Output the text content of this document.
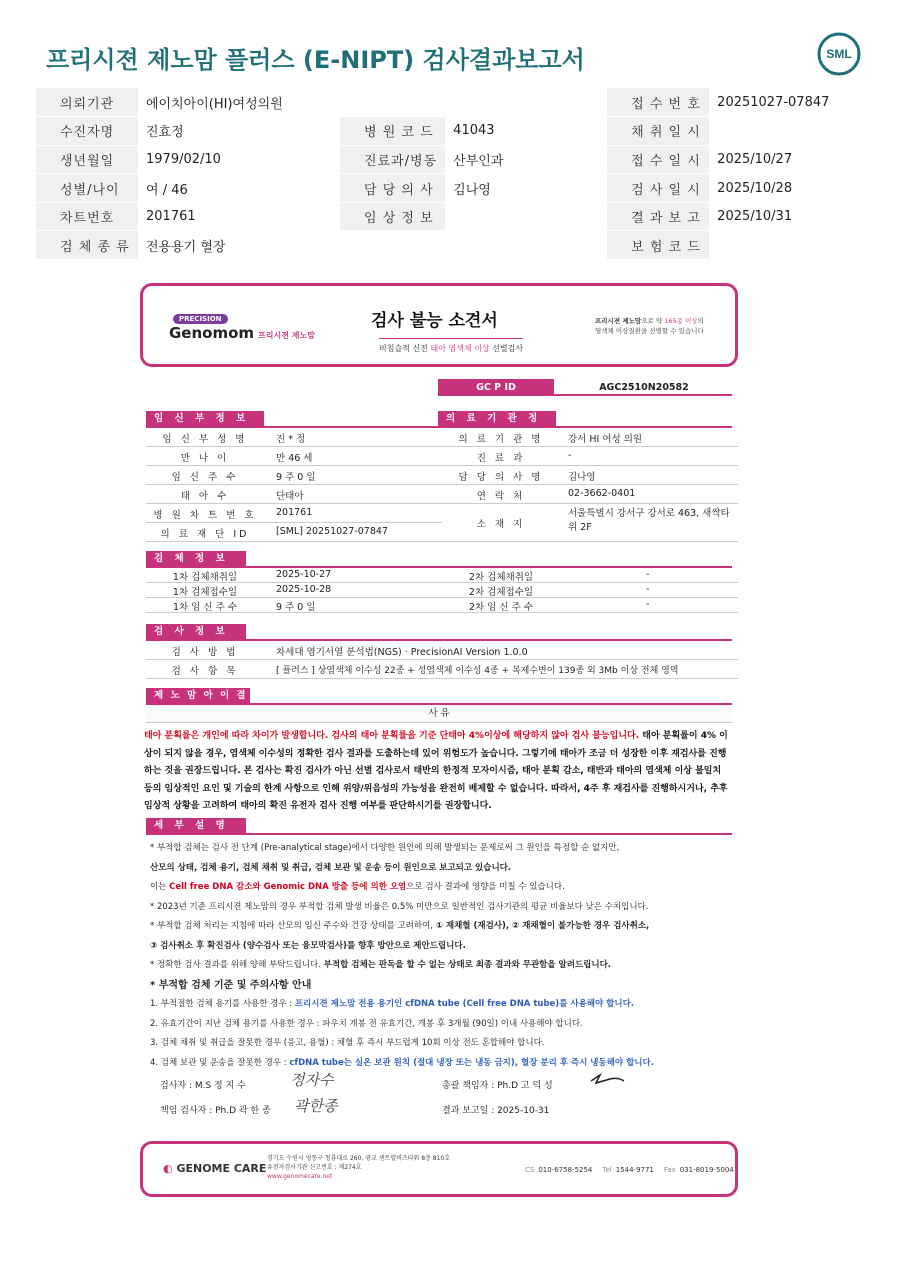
프리시젼 제노맘 플러스 (E-NIPT) 검사결과보고서	SML
의뢰기관	에이치아이(HI)여성의원			접 수 번 호	20251027-07847
수진자명	진효정	병 원 코 드	41043	채 취 일 시	
생년월일	1979/02/10	진료과/병동	산부인과	접 수 일 시	2025/10/27
성별/나이	여 / 46	담 당 의 사	김나영	검 사 일 시	2025/10/28
차트번호	201761	임 상 정 보		결 과 보 고	2025/10/31
검 체 종 류	전용용기 혈장			보 험 코 드	
PRECISION
Genomom 프리시젼 제노맘
검사 불능 소견서
비침습적 신전 태아 염색체 이상 선별검사
프리시젼 제노맘으로 약 165종 이상의
염색체 이상질환을 선별할 수 있습니다
GC P ID	AGC2510N20582
임 신 부 정 보	의 료 기 관 정 보
임 신 부 성 명	진 * 정	의 료 기 관 명	강서 HI 여성 의원
만 나 이	만 46 세	진 료 과	-
임 신 주 수	9 주 0 일	담 당 의 사 명	김나영
태 아 수	단태아	연 락 처	02-3662-0401
병 원 차 트 번 호	201761
의 료 재 단 ID	[SML] 20251027-07847
소 재 지
서울특별시 강서구 강서로 463, 새싹타위 2F
검 체 정 보
1차 검체채취일	2025-10-27	2차 검체채취일	-
1차 검체접수일	2025-10-28	2차 검체접수일	-
1차 임 신 주 수	9 주 0 일	2차 임 신 주 수	-
검 사 정 보
검 사 방 법	차세대 염기서열 분석법(NGS) · PrecisionAI Version 1.0.0
검 사 항 목	[ 플러스 ] 상염색체 이수성 22종 + 성염색체 이수성 4종 + 복제수변이 139종 외 3Mb 이상 전체 영역
제 노 맘 아 이 결
사 유
태아 분획률은 개인에 따라 차이가 발생합니다. 검사의 태아 분획률을 기준 단태아 4%이상에 해당하지 않아 검사 불능입니다. 태아 분획률이 4% 이상이 되지 않을 경우, 염색체 이수성의 정확한 검사 결과를 도출하는데 있어 위험도가 높습니다. 그렇기에 태아가 조금 더 성장한 이후 재검사를 진행하는 것을 권장드립니다. 본 검사는 확진 검사가 아닌 선별 검사로서 태반의 한정적 모자이시즘, 태아 분획 감소, 태반과 태아의 염색체 이상 불일치 등의 임상적인 요인 및 기술의 한계 사항으로 인해 위양/위음성의 가능성을 완전히 배제할 수 없습니다. 따라서, 4주 후 재검사를 진행하시거나, 추후 임상적 상황을 고려하여 태아의 확진 유전자 검사 진행 여부를 판단하시기를 권장합니다.
세 부 설 명
* 부적합 검체는 검사 전 단계 (Pre-analytical stage)에서 다양한 원인에 의해 발생되는 문제로써 그 원인을 특정할 순 없지만,
산모의 상태, 검체 용기, 검체 채취 및 취급, 검체 보관 및 운송 등이 원인으로 보고되고 있습니다.
이는 Cell free DNA 감소와 Genomic DNA 방출 등에 의한 오염으로 검사 결과에 영향을 미칠 수 있습니다.
* 2023년 기준 프리시젼 제노맘의 경우 부적합 검체 발생 비율은 0.5% 미만으로 일반적인 검사기관의 평균 비율보다 낮은 수치입니다.
* 부적합 검체 처리는 지침에 따라 산모의 임신 주수와 건강 상태를 고려하여, ① 재채혈 (재검사), ② 재채혈이 불가능한 경우 검사취소,
③ 검사취소 후 확진검사 (양수검사 또는 융모막검사)를 향후 방안으로 제안드립니다.
* 정확한 검사 결과를 위해 양해 부탁드립니다. 부적합 검체는 판독을 할 수 없는 상태로 최종 결과와 무관함을 알려드립니다.
* 부적합 검체 기준 및 주의사항 안내
1. 부적절한 검체 용기를 사용한 경우 : 프리시젼 제노맘 전용 용기인 cfDNA tube (Cell free DNA tube)를 사용해야 합니다.
2. 유효기간이 지난 검체 용기를 사용한 경우 : 파우치 개봉 전 유효기간, 개봉 후 3개월 (90일) 이내 사용해야 합니다.
3. 검체 채취 및 취급을 잘못한 경우 (응고, 용혈) : 채혈 후 즉시 부드럽게 10회 이상 전도 혼합해야 합니다.
4. 검체 보관 및 운송을 잘못한 경우 : cfDNA tube는 실온 보관 원칙 (절대 냉장 또는 냉동 금지), 혈장 분리 후 즉시 냉동해야 합니다.
검사자 : M.S 정 지 수	정자수	총괄 책임자 : Ph.D 고 덕 성
책임 검사자 : Ph.D 곽 한 종 곽한종	결과 보고일 : 2025-10-31
◐ GENOME CARE
경기도 수원시 영통구 청룡대로 260, 광교 센트럴비즈타워 8층 810호
유전자검사기관 신고번호 : 제274호
www.genomecare.net
CS 010-6758-5254 Tel 1544-9771 Fax 031-8019-5004
